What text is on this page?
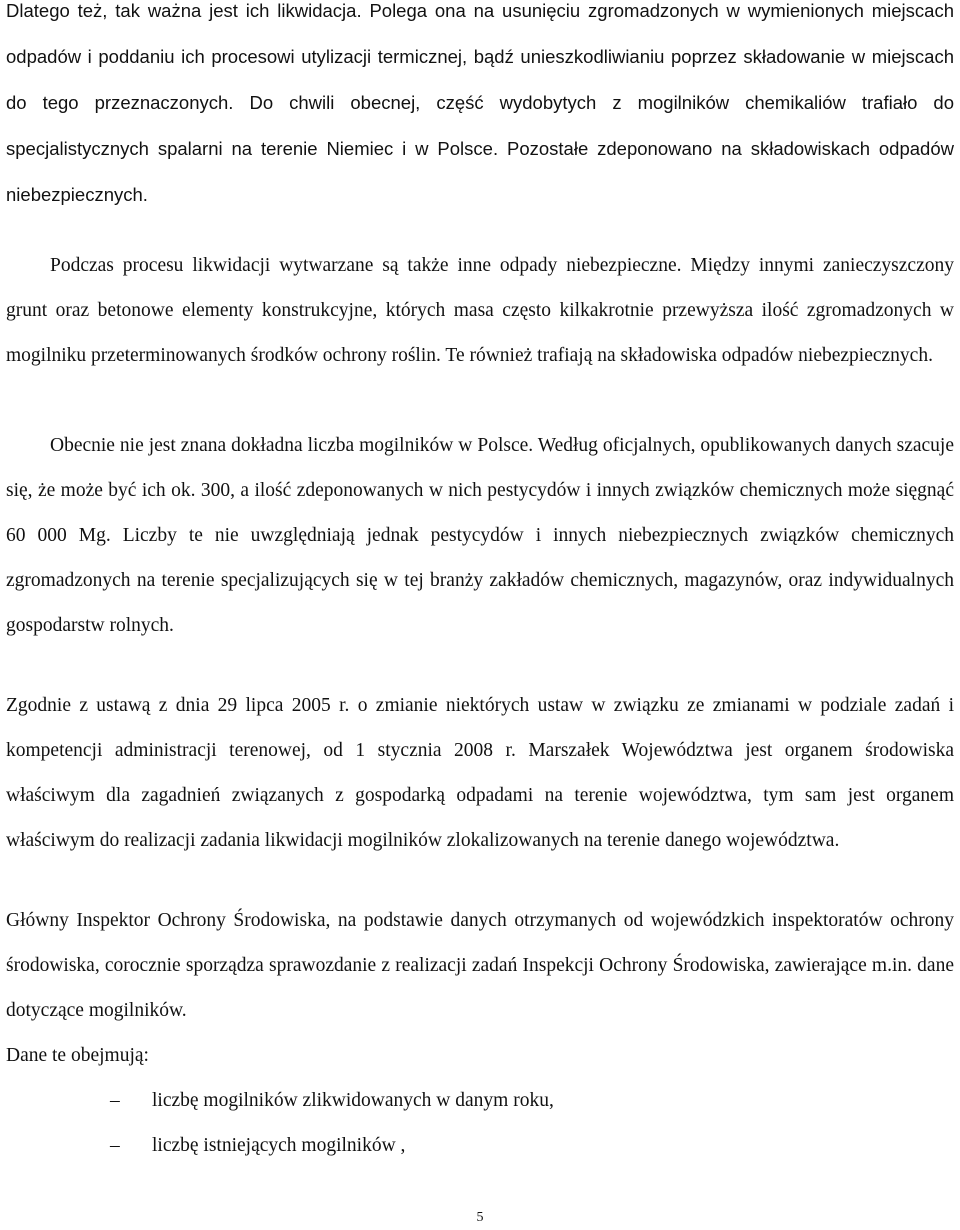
Dlatego też, tak ważna jest ich likwidacja. Polega ona na usunięciu zgromadzonych w wymienionych miejscach odpadów i poddaniu ich procesowi utylizacji termicznej, bądź unieszkodliwianiu poprzez składowanie w miejscach do tego przeznaczonych. Do chwili obecnej, część wydobytych z mogilników chemikaliów trafiało do specjalistycznych spalarni na terenie Niemiec i w Polsce. Pozostałe zdeponowano na składowiskach odpadów niebezpiecznych.

Podczas procesu likwidacji wytwarzane są także inne odpady niebezpieczne. Między innymi zanieczyszczony grunt oraz betonowe elementy konstrukcyjne, których masa często kilkakrotnie przewyższa ilość zgromadzonych w mogilniku przeterminowanych środków ochrony roślin. Te również trafiają na składowiska odpadów niebezpiecznych.

Obecnie nie jest znana dokładna liczba mogilników w Polsce. Według oficjalnych, opublikowanych danych szacuje się, że może być ich ok. 300, a ilość zdeponowanych w nich pestycydów i innych związków chemicznych może sięgnąć 60 000 Mg. Liczby te nie uwzględniają jednak pestycydów i innych niebezpiecznych związków chemicznych zgromadzonych na terenie specjalizujących się w tej branży zakładów chemicznych, magazynów, oraz indywidualnych gospodarstw rolnych.

Zgodnie z ustawą z dnia 29 lipca 2005 r. o zmianie niektórych ustaw w związku ze zmianami w podziale zadań i kompetencji administracji terenowej, od 1 stycznia 2008 r. Marszałek Województwa jest organem środowiska właściwym dla zagadnień związanych z gospodarką odpadami na terenie województwa, tym sam jest organem właściwym do realizacji zadania likwidacji mogilników zlokalizowanych na terenie danego województwa.

Główny Inspektor Ochrony Środowiska, na podstawie danych otrzymanych od wojewódzkich inspektoratów ochrony środowiska, corocznie sporządza sprawozdanie z realizacji zadań Inspekcji Ochrony Środowiska, zawierające m.in. dane dotyczące mogilników.

Dane te obejmują:

– liczbę mogilników zlikwidowanych w danym roku,
– liczbę istniejących mogilników ,
5
